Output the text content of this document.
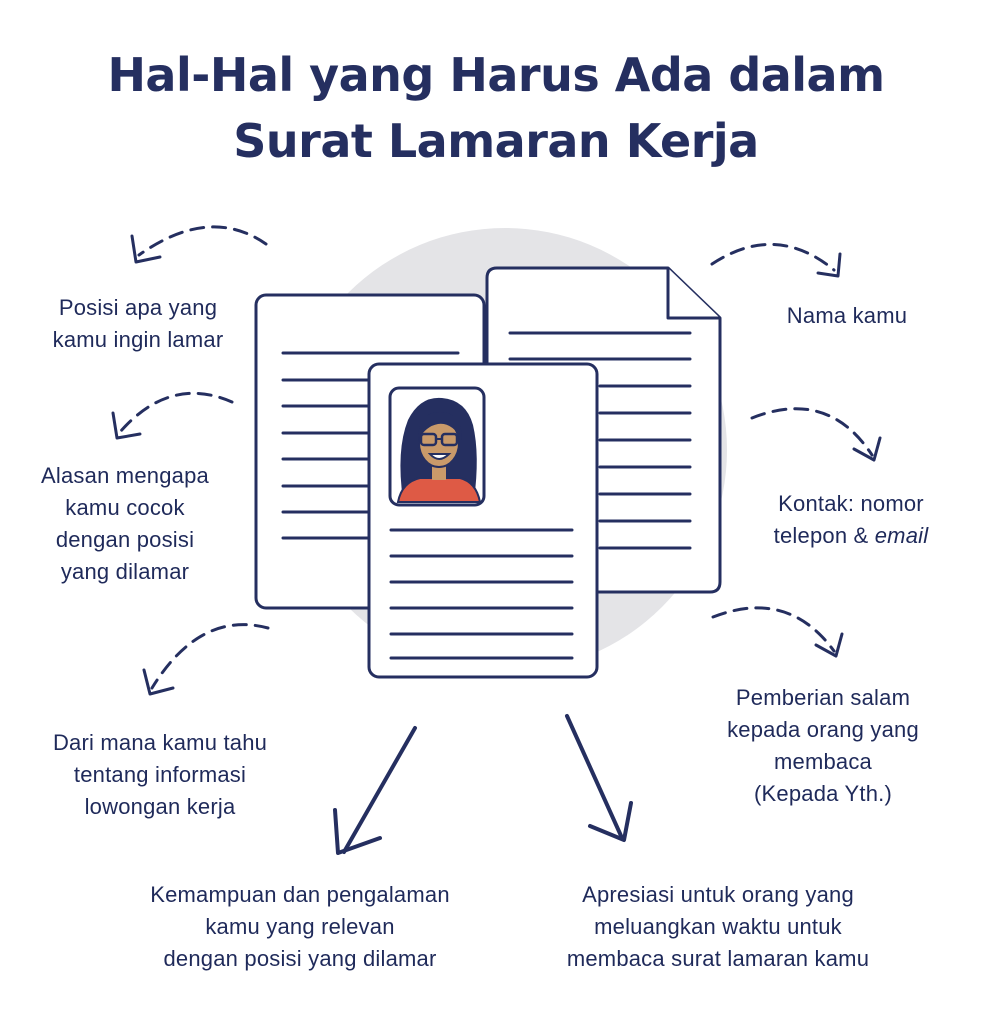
Hal-Hal yang Harus Ada dalam
Surat Lamaran Kerja
Posisi apa yang
kamu ingin lamar
Alasan mengapa
kamu cocok
dengan posisi
yang dilamar
Dari mana kamu tahu
tentang informasi
lowongan kerja
Nama kamu
Kontak: nomor
telepon & email
Pemberian salam
kepada orang yang
membaca
(Kepada Yth.)
Kemampuan dan pengalaman
kamu yang relevan
dengan posisi yang dilamar
Apresiasi untuk orang yang
meluangkan waktu untuk
membaca surat lamaran kamu
